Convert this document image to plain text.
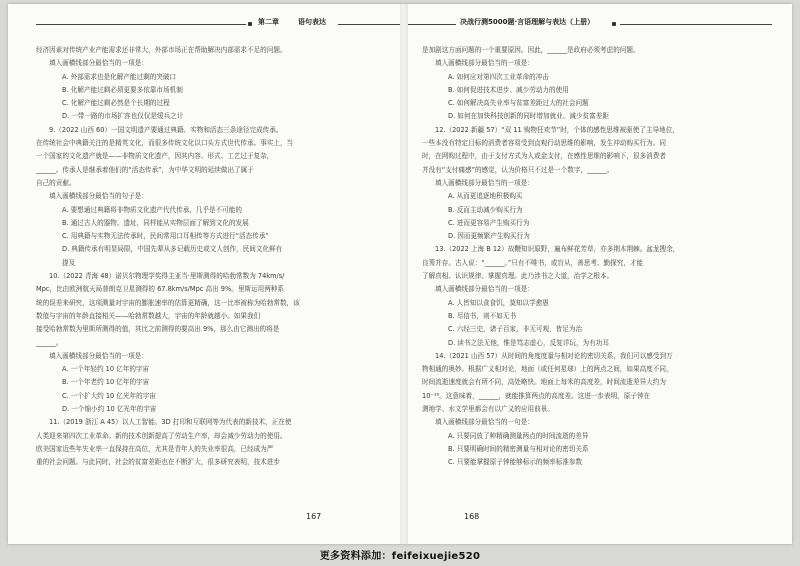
第二章	语句表达

经济因素对传统产业产能需求还非常大，外部市场正在帮助解决内部需求不足的问题。

填入画横线部分最恰当的一项是：

A. 外部需求也是化解产能过剩的突破口

B. 化解产能过剩必须更要多依靠市场机制

C. 化解产能过剩必然是个长期的过程

D. 一带一路的市场扩容也仅仅是缓兵之计

9.（2022 山西 60）一国文明遗产要通过典籍、实物和活态三条途径完成传承。

在传统社会中典籍关注的是精英文化，而很多传统文化以口头方式世代传承。事实上，当

一个国家的文化遗产就是——非物质文化遗产，因其内容、形式、工艺过于复杂，

______。传承人是继承着他们的“活态传承”，为中华文明的延续做出了属于

自己的贡献。

填入画横线部分最恰当的句子是：

A. 要想通过典籍将非物质文化遗产代代传承，几乎是不可能的

B. 通过古人的器物、遗址，同样能从实物层面了解到文化的发展

C. 用典籍与实物无法传承时，民间常用口耳相传等方式进行“活态传承”

D. 典籍传承有明显局限，中国先辈从多记载历史或文人创作，民间文化鲜有

提及

10.（2022 青海 48）诺贝尔物理学奖得主亚当·里斯测得的哈勃常数为 74km/s/

Mpc，比由欧洲航天局普朗克卫星测得的 67.8km/s/Mpc 高出 9%。里斯运用两种系

统的误差来研究，这项测量对宇宙的膨胀速率的估算更精确，这一比率被称为哈勃常数，该

数值与宇宙的年龄直接相关——哈勃常数越大，宇宙的年龄就越小。如果我们

接受哈勃常数为里斯所测得的值，其比之前测得的要高出 9%，那么由它测出的将是

______。

填入画横线部分最恰当的一项是：

A. 一个年轻约 10 亿年的宇宙

B. 一个年老约 10 亿年的宇宙

C. 一个扩大约 10 亿光年的宇宙

D. 一个缩小约 10 亿光年的宇宙

11.（2019 浙江 A 45）以人工智能、3D 打印和互联网等为代表的新技术，正在使

人类迎来第四次工业革命。新的技术创新提高了劳动生产率，却会减少劳动力的使用。

欧美国家近些年失业率一直保持在高位，尤其是青年人的失业率很高，已经成为严

重的社会问题。与此同时，社会的贫富差距也在不断扩大，很多研究表明，技术进步

167
决战行测5000题·言语理解与表达（上册）

是加剧这方面问题的一个重要原因。因此，______是政府必须考虑的问题。

填入画横线部分最恰当的一项是：

A. 如何应对第四次工业革命的冲击

B. 如何促进技术进步、减少劳动力的使用

C. 如何解决高失业率与贫富差距过大的社会问题

D. 如何在加快科技创新的同时增加就业、减少贫富差距

12.（2022 新疆 57）“双 11 购物狂欢节”时，个体的感性思维被驱使了主导地位，

一些本没有特定目标的消费者容易受到直观行动思维的影响，发生冲动购买行为。同

时，在网购过程中，由于支付方式为人或金支付，在感性思维的影响下，很多消费者

并没有“支付痛感”的感觉，认为价格只不过是一个数字，______。

填入画横线部分最恰当的一项是：

A. 从而更追逐地积极购买

B. 反而主动减少购买行为

C. 进而更容易产生购买行为

D. 因而更频繁产生购买行为

13.（2022 上海 B 12）故鞭知识原野，遍布鲜花芳草，亦多荆木荆棘。盆龙搜余，

良莠并存。古人说：“______。”只有不唯书，或盲从，善思考、勤探究，才能

了解真相、认识规律、掌握真理。此乃涉书之大道，治学之根本。

填入画横线部分最恰当的一项是：

A. 人皆知以食食饥，莫知以学愈愚

B. 尽信书，则不如无书

C. 六经三史，诸子百家，非无可观，皆足为治

D. 读书之法无他，惟是笃志虚心，反复详玩，为有功耳

14.（2021 山西 57）从时间的角度度量与相对论的密切关系，我们可以感受到万

物相通的奥妙。根据广义相对论，地面（或任何星球）上的两点之间，如果高度不同，

时间流逝速度就会有所不同，高处略快。地面上每米的高度差，时间流逝差异大约为

10⁻¹⁶。这意味着，______，就能推算两点的高度差。这进一步表明，原子钟在

测地学、水文学里都会有以广义的应用前景。

填入画横线部分最恰当的一句是：

A. 只要同放了种精确测量两点的时间流逝的差异

B. 只要明确时间的精密测量与相对论的密切关系

C. 只要能掌握原子钟能够标示的频率标准参数

168
更多资料添加：feifeixuejie520
